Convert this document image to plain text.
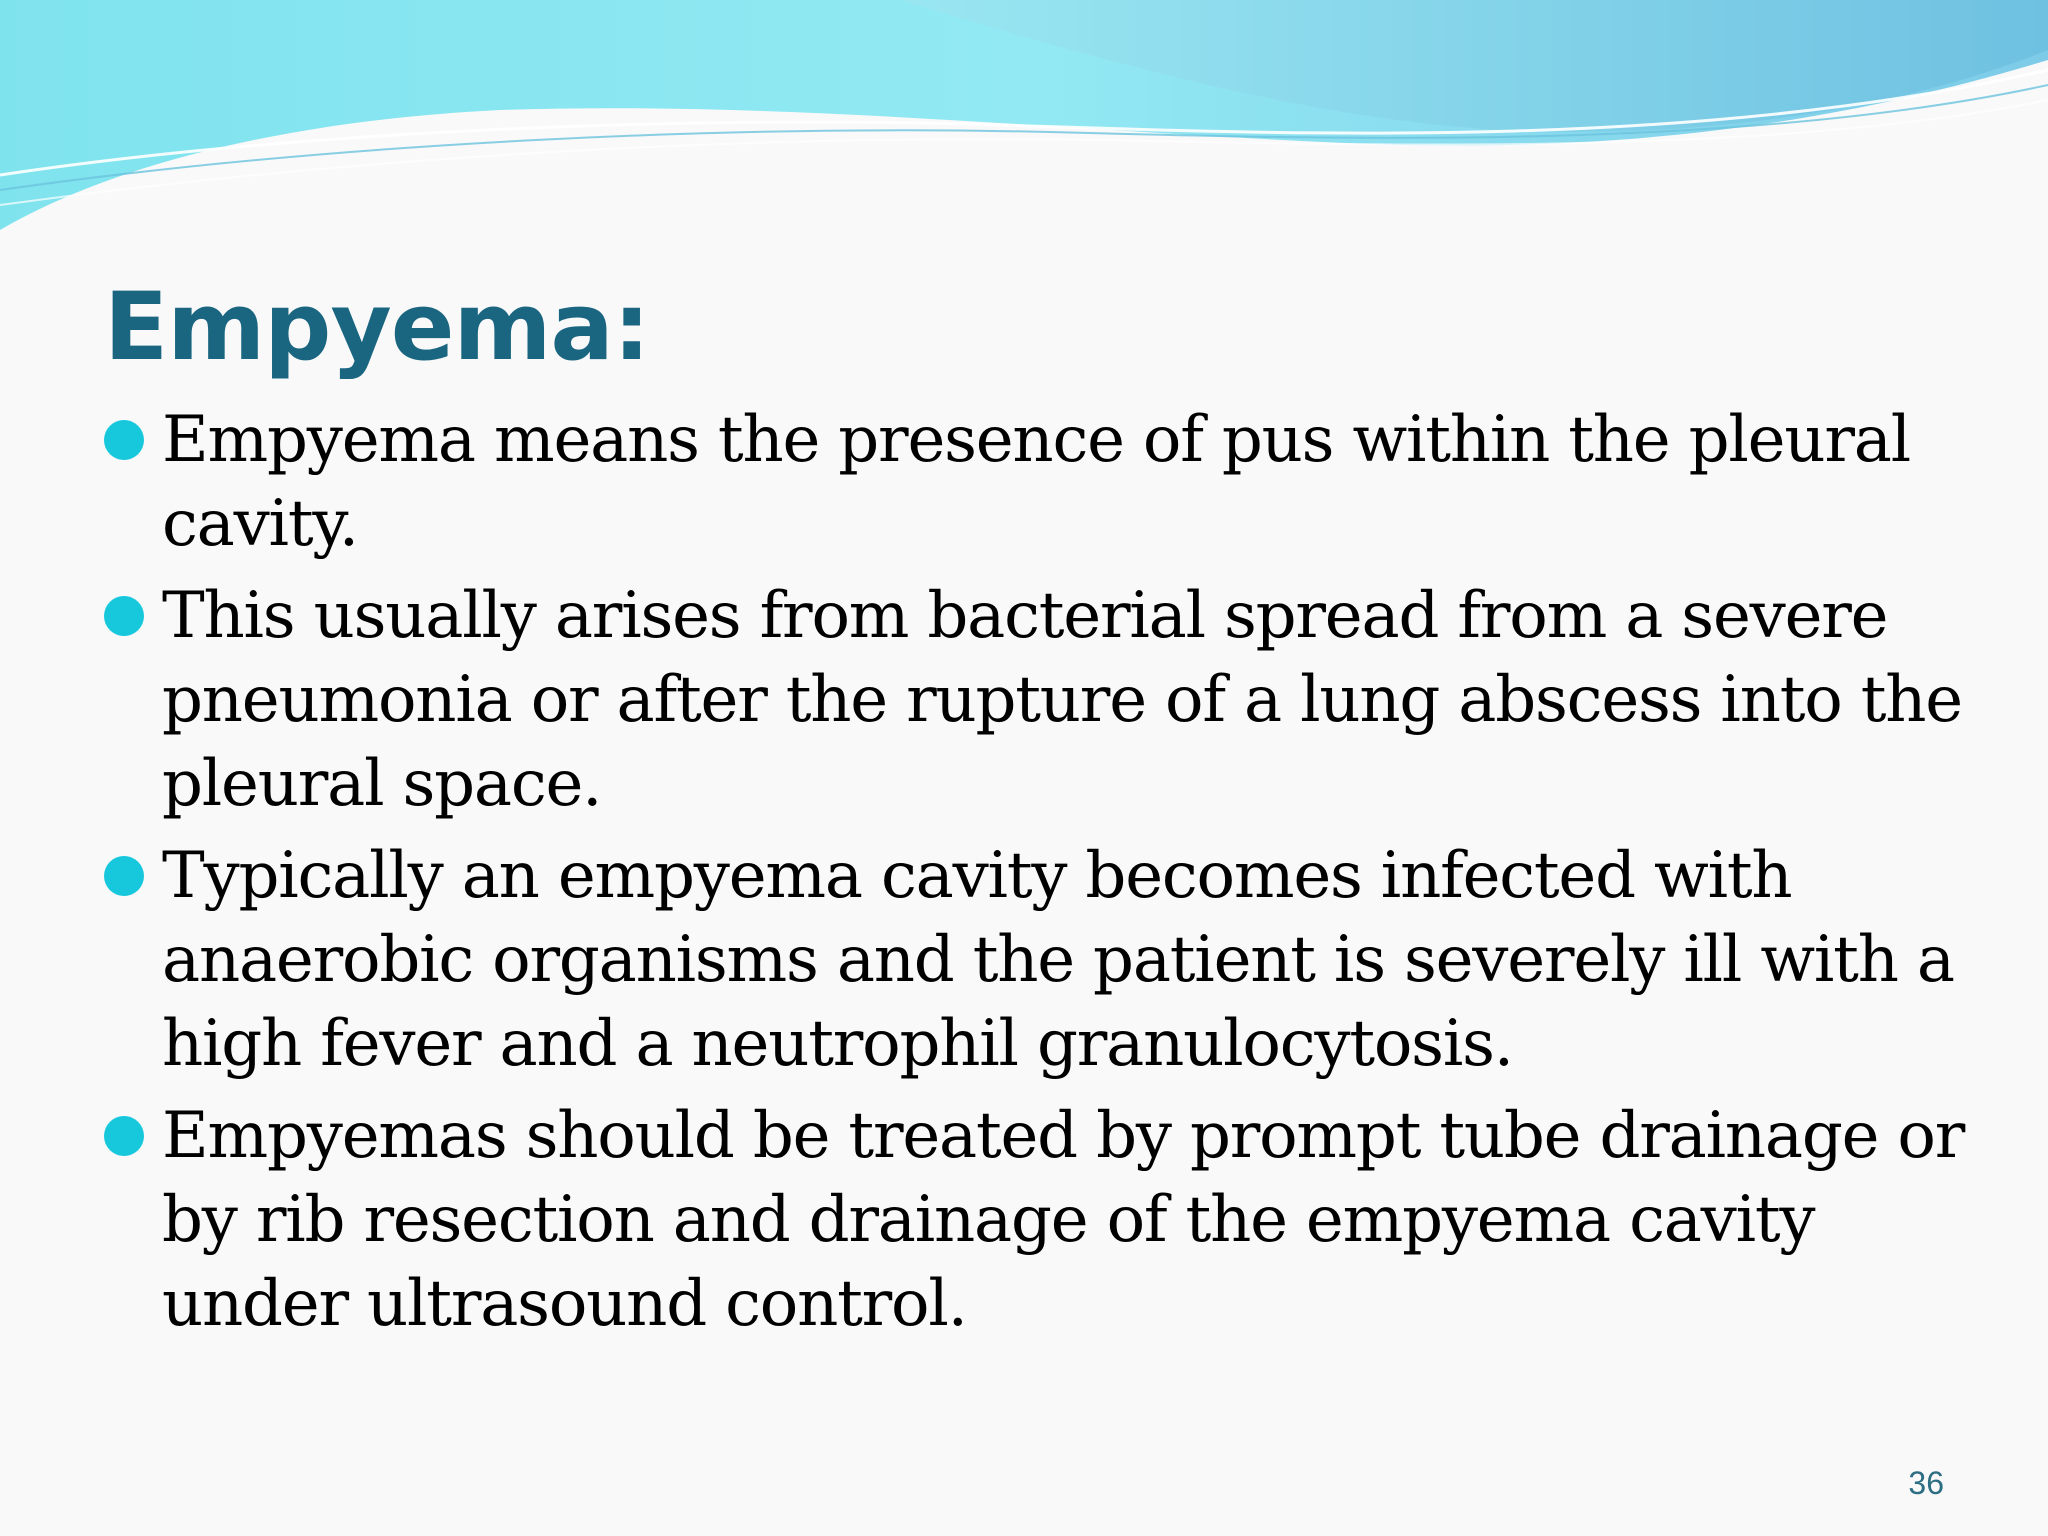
Empyema:
Empyema means the presence of pus within the pleural cavity.
This usually arises from bacterial spread from a severe pneumonia or after the rupture of a lung abscess into the pleural space.
Typically an empyema cavity becomes infected with anaerobic organisms and the patient is severely ill with a high fever and a neutrophil granulocytosis.
Empyemas should be treated by prompt tube drainage or by rib resection and drainage of the empyema cavity under ultrasound control.
36
